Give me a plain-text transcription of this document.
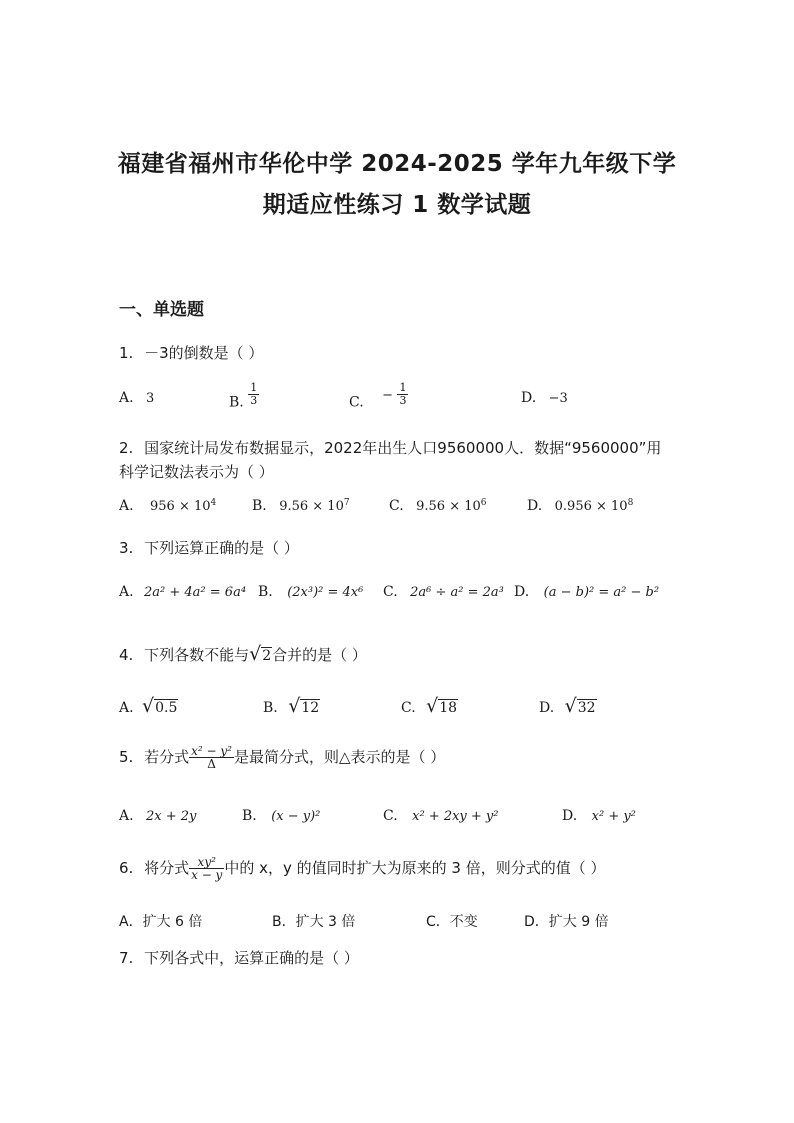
福建省福州市华伦中学 2024-2025 学年九年级下学
期适应性练习 1 数学试题
一、单选题
1. －3的倒数是（ ）
A. 3	B. $\frac{1}{3}$	C. − $\frac{1}{3}$	D. −3
2. 国家统计局发布数据显示，2022年出生人口9560000人．数据“9560000”用
科学记数法表示为（ ）
A. $956 \times 10^4$	B. $9.56 \times 10^7$	C. $9.56 \times 10^6$	D. $0.956 \times 10^8$
3. 下列运算正确的是（ ）
A. 2a² + 4a² = 6a⁴ B. (2x³)² = 4x⁶ C. 2a⁶ ÷ a² = 2a³ D. (a − b)² = a² − b²
4. 下列各数不能与√2合并的是（ ）
A. √0.5	B. √12	C. √18	D. √32
5. 若分式 $\frac{\text{x² − y²}}{\Delta}$ 是最简分式，则△表示的是（ ）
A. 2x + 2y	B. (x − y)²	C. x² + 2xy + y²	D. x² + y²
6. 将分式 $\frac{\text{xy²}}{x - y}$ 中的 x，y 的值同时扩大为原来的 3 倍，则分式的值（ ）
A．扩大 6 倍	B．扩大 3 倍	C．不变	D．扩大 9 倍
7. 下列各式中，运算正确的是（ ）
